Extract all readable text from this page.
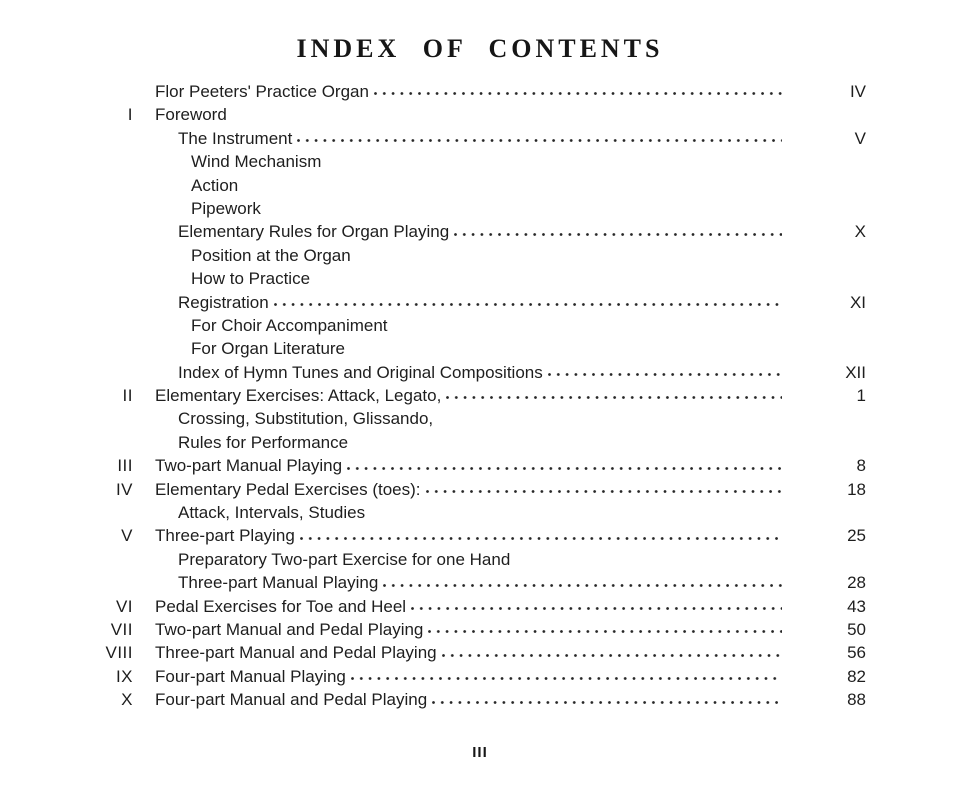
INDEX OF CONTENTS
Flor Peeters' Practice Organ	IV
I Foreword
The Instrument	V
Wind Mechanism
Action
Pipework
Elementary Rules for Organ Playing	X
Position at the Organ
How to Practice
Registration	XI
For Choir Accompaniment
For Organ Literature
Index of Hymn Tunes and Original Compositions	XII
II Elementary Exercises: Attack, Legato,	1
Crossing, Substitution, Glissando,
Rules for Performance
III Two-part Manual Playing	8
IV Elementary Pedal Exercises (toes):	18
Attack, Intervals, Studies
V Three-part Playing	25
Preparatory Two-part Exercise for one Hand
Three-part Manual Playing	28
VI Pedal Exercises for Toe and Heel	43
VII Two-part Manual and Pedal Playing	50
VIII Three-part Manual and Pedal Playing	56
IX Four-part Manual Playing	82
X Four-part Manual and Pedal Playing	88
III
